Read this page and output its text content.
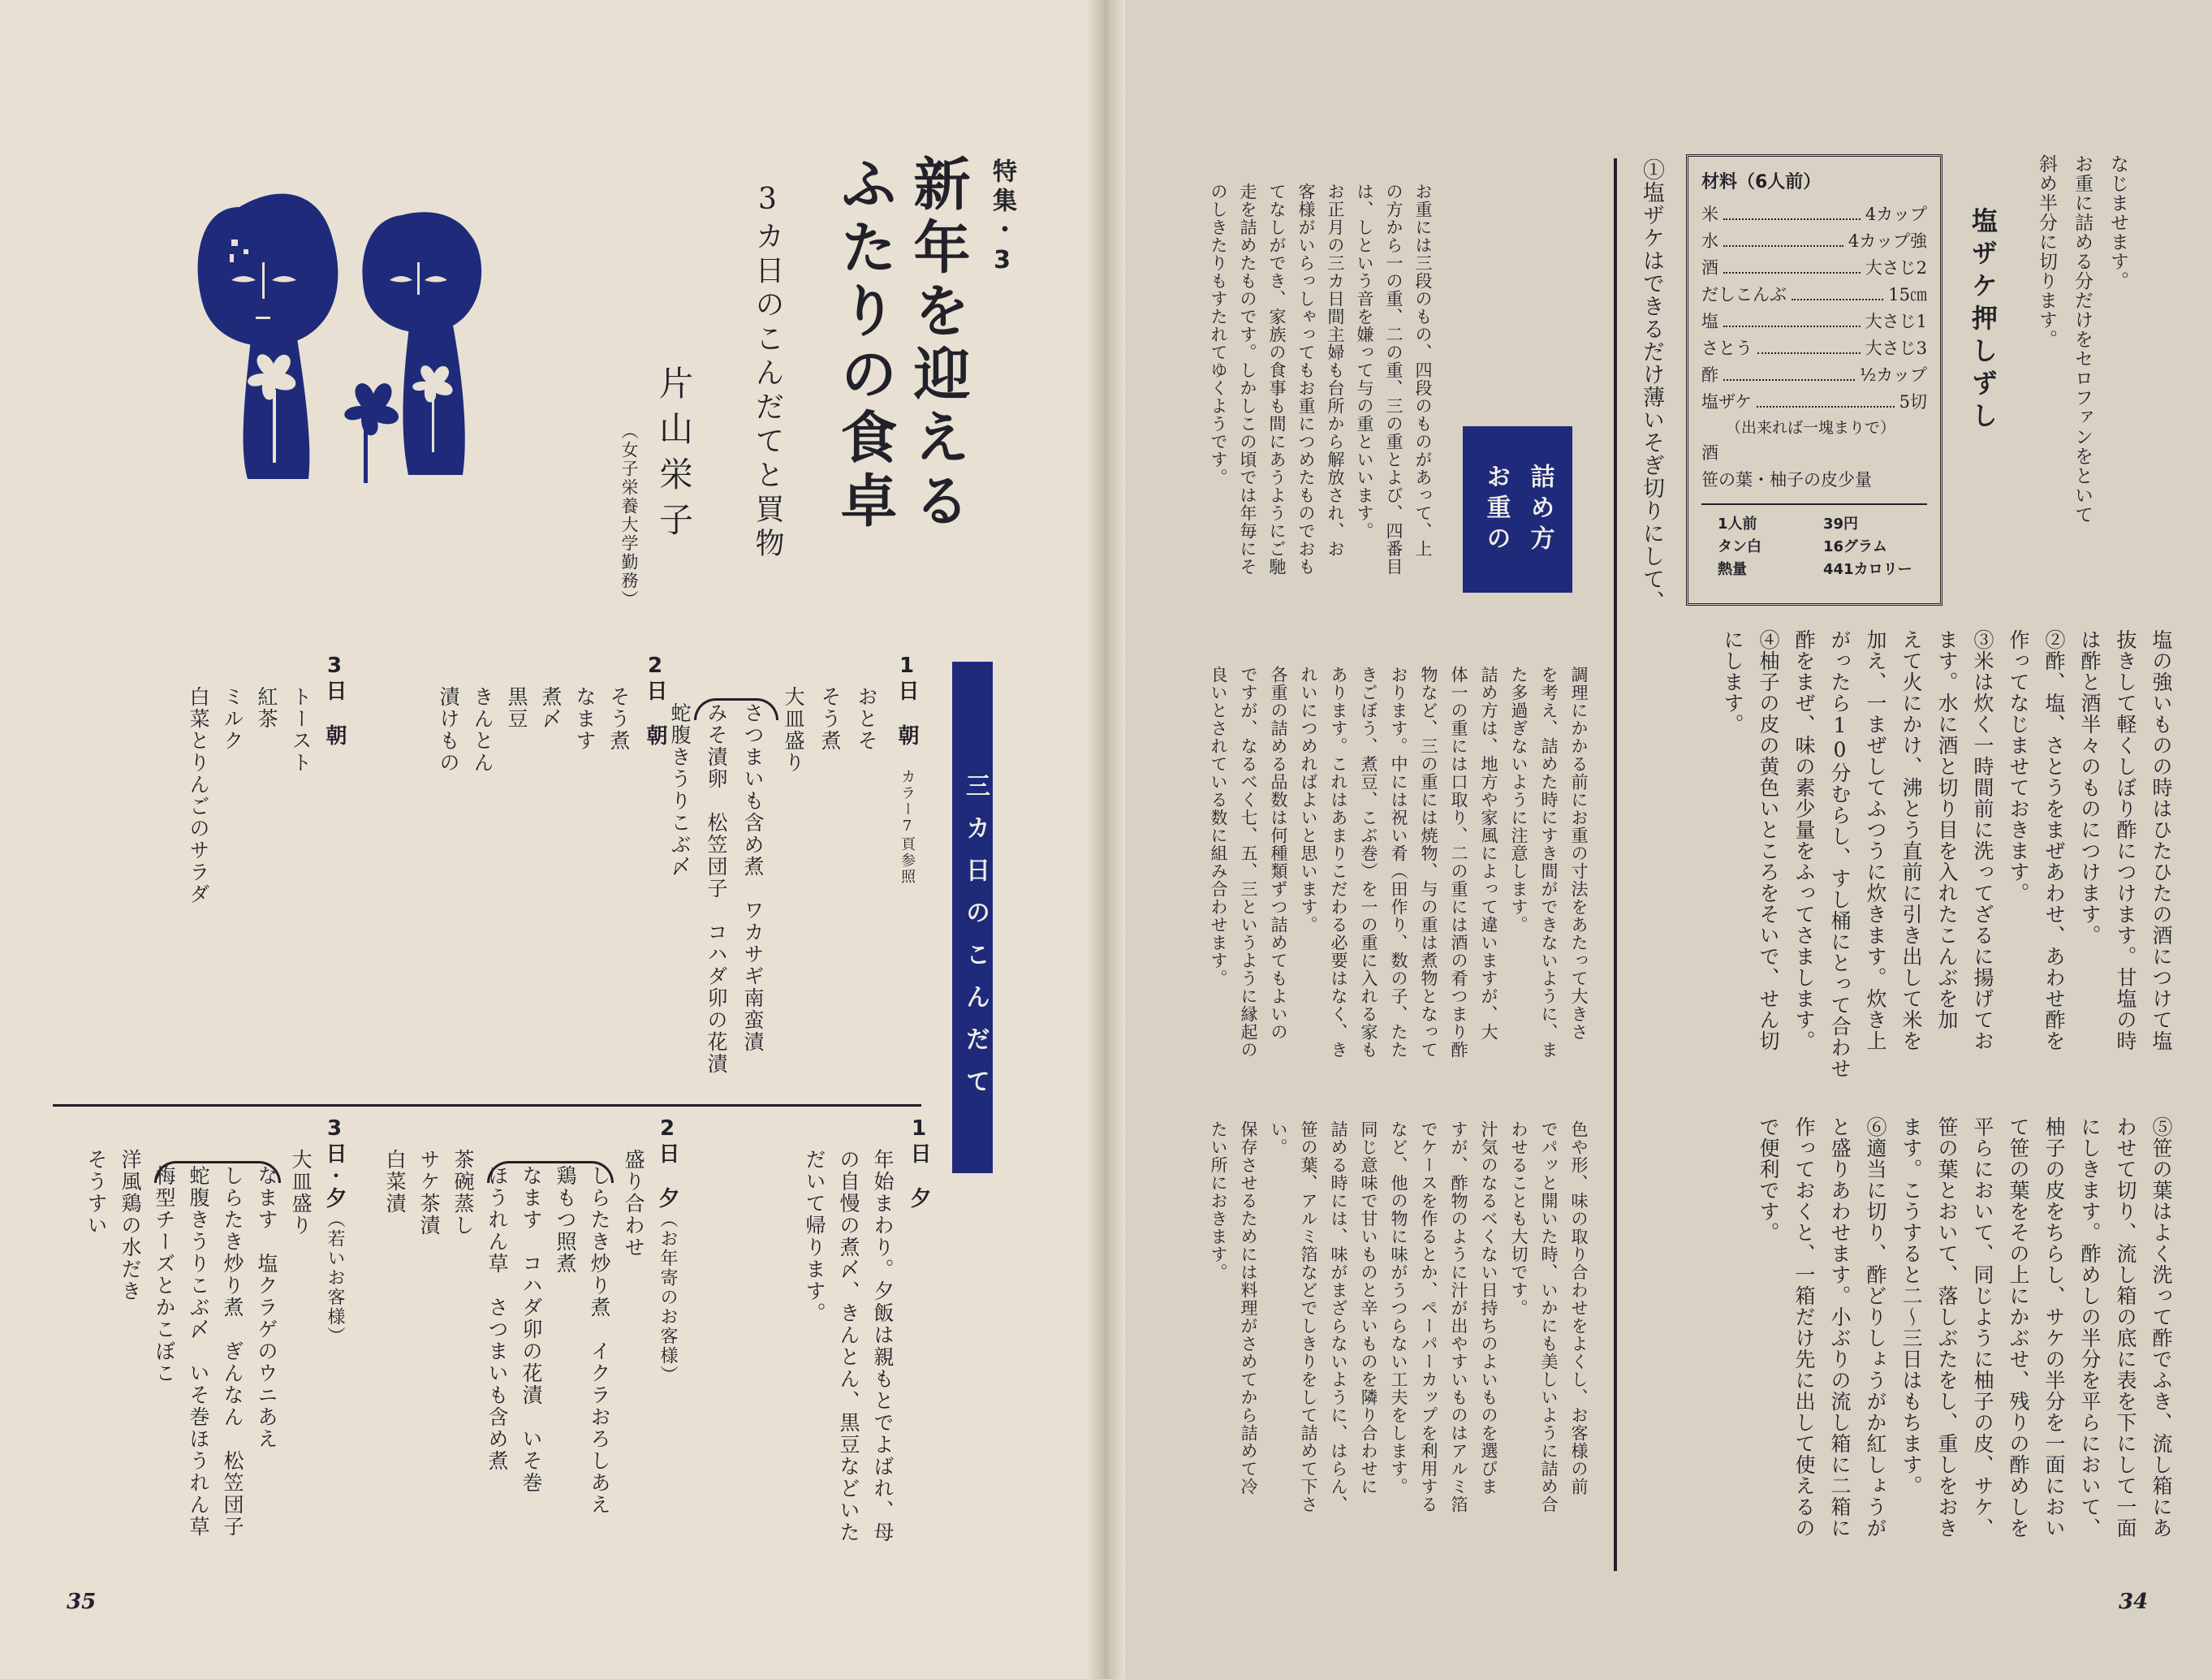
特集・3
新年を迎える
ふたりの食卓
3カ日のこんだてと買物
片山栄子
（女子栄養大学勤務）
三カ日のこんだて
1日　朝　カラー7頁参照
おとそ
そう煮
大皿盛り
さつまいも含め煮　ワカサギ南蛮漬
みそ漬卵　松笠団子　コハダ卯の花漬
蛇腹きうりこぶ〆
2日　朝
そう煮
なます
煮〆
黒豆
きんとん
漬けもの
3日　朝
トースト
紅茶
ミルク
白菜とりんごのサラダ
1日　夕
年始まわり。夕飯は親もとでよばれ、母
の自慢の煮〆、きんとん、黒豆などいた
だいて帰ります。
2日　夕（お年寄のお客様）
盛り合わせ
しらたき炒り煮　イクラおろしあえ
鶏もつ照煮
なます　コハダ卯の花漬　いそ巻
ほうれん草　さつまいも含め煮
茶碗蒸し
サケ茶漬
白菜漬
3日・夕（若いお客様）
大皿盛り
なます　塩クラゲのウニあえ
しらたき炒り煮　ぎんなん　松笠団子
蛇腹きうりこぶ〆　いそ巻ほうれん草
梅型チーズとかこぼこ
洋風鶏の水だき
そうすい
35
なじませます。
お重に詰める分だけをセロファンをといて
斜め半分に切ります。
塩ザケ押しずし
材料（6人前）
米	4カップ
水	4カップ強
酒	大さじ2
だしこんぶ	15㎝
塩	大さじ1
さとう	大さじ3
酢	½カップ
塩ザケ	5切
（出来れば一塊まりで）
酒
笹の葉・柚子の皮少量
1人前	39円
タン白	16グラム
熱量	441カロリー
①塩ザケはできるだけ薄いそぎ切りにして、
塩の強いものの時はひたひたの酒につけて塩
抜きして軽くしぼり酢につけます。甘塩の時
は酢と酒半々のものにつけます。
②酢、塩、さとうをまぜあわせ、あわせ酢を
作ってなじませておきます。
③米は炊く一時間前に洗ってざるに揚げてお
ます。水に酒と切り目を入れたこんぶを加
えて火にかけ、沸とう直前に引き出して米を
加え、一まぜしてふつうに炊きます。炊き上
がったら10分むらし、すし桶にとって合わせ
酢をまぜ、味の素少量をふってさまします。
④柚子の皮の黄色いところをそいで、せん切
にします。
⑤笹の葉はよく洗って酢でふき、流し箱にあ
わせて切り、流し箱の底に表を下にして一面
にしきます。酢めしの半分を平らにおいて、
柚子の皮をちらし、サケの半分を一面におい
て笹の葉をその上にかぶせ、残りの酢めしを
平らにおいて、同じように柚子の皮、サケ、
笹の葉とおいて、落しぶたをし、重しをおき
ます。こうすると二～三日はもちます。
⑥適当に切り、酢どりしょうがか紅しょうが
と盛りあわせます。小ぶりの流し箱に二箱に
作っておくと、一箱だけ先に出して使えるの
で便利です。
お重の 詰め方
のしきたりもすたれてゆくようです。 走を詰めたものです。しかしこの頃では年毎にそ てなしができ、家族の食事も間にあうようにご馳 客様がいらっしゃってもお重につめたものでおも お正月の三カ日間主婦も台所から解放され、お は、しという音を嫌って与の重といいます。 の方から一の重、二の重、三の重とよび、四番目 お重には三段のもの、四段のものがあって、上
良いとされている数に組み合わせます。 ですが、なるべく七、五、三というように縁起の 各重の詰める品数は何種類ずつ詰めてもよいの れいにつめればよいと思います。 あります。これはあまりこだわる必要はなく、き きごぼう、煮豆、こぶ巻）を一の重に入れる家も おります。中には祝い肴（田作り、数の子、たた 物など、三の重には焼物、与の重は煮物となって 体一の重には口取り、二の重には酒の肴つまり酢 詰め方は、地方や家風によって違いますが、大 た多過ぎないように注意します。 を考え、詰めた時にすき間ができないように、ま 調理にかかる前にお重の寸法をあたって大きさ
たい所におきます。 保存させるためには料理がさめてから詰めて冷 い。 笹の葉、アルミ箔などでしきりをして詰めて下さ 詰める時には、味がまざらないように、はらん、 同じ意味で甘いものと辛いものを隣り合わせに など、他の物に味がうつらない工夫をします。 でケースを作るとか、ペーパーカップを利用する すが、酢物のように汁が出やすいものはアルミ箔 汁気のなるべくない日持ちのよいものを選びま わせることも大切です。 でパッと開いた時、いかにも美しいように詰め合 色や形、味の取り合わせをよくし、お客様の前
34
